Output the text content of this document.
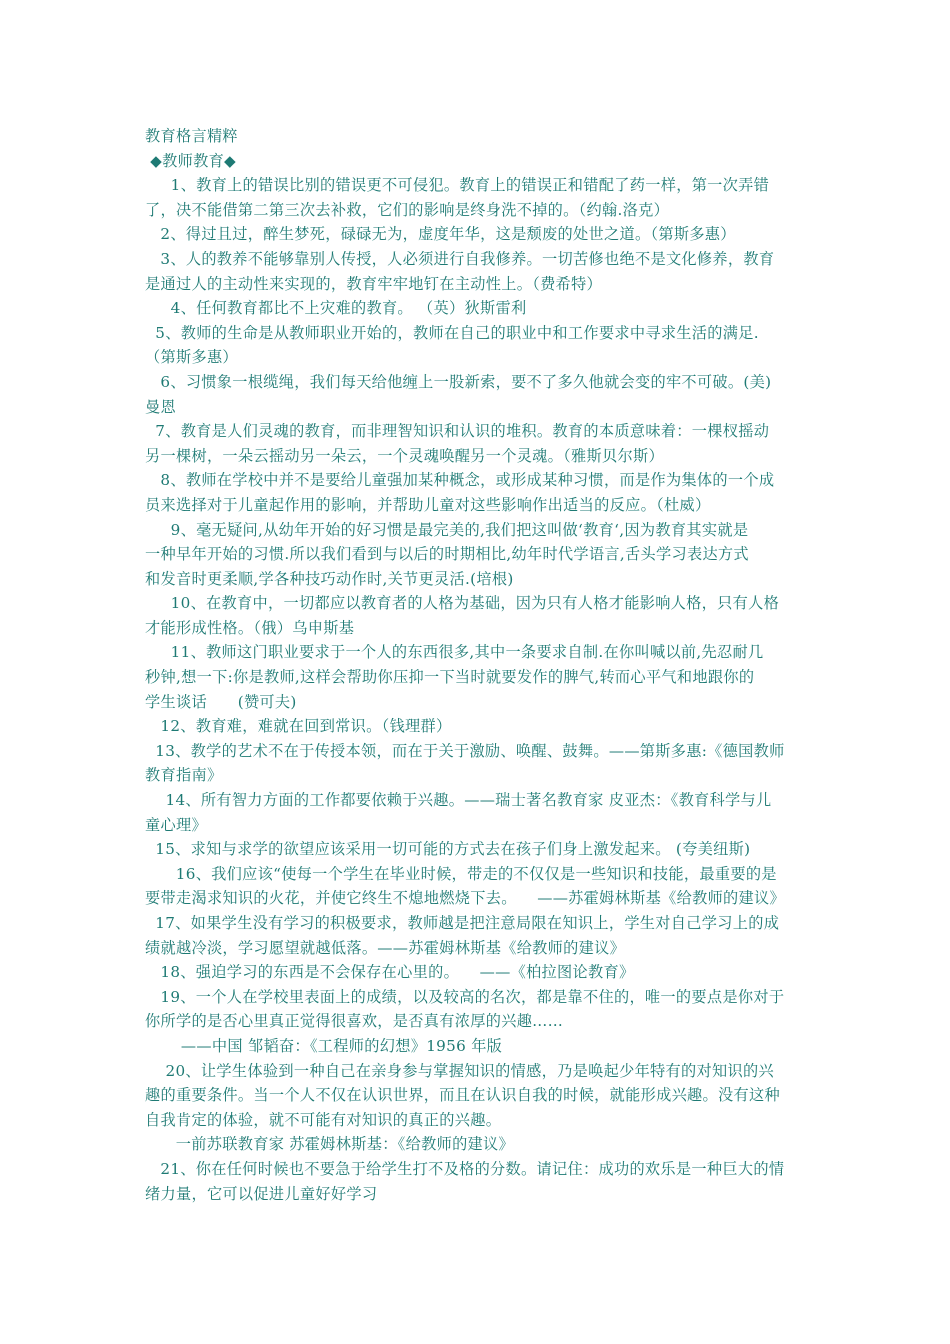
教育格言精粹
◆教师教育◆
1、教育上的错误比别的错误更不可侵犯。教育上的错误正和错配了药一样，第一次弄错
了，决不能借第二第三次去补救，它们的影响是终身洗不掉的。（约翰.洛克）
2、得过且过，醉生梦死，碌碌无为，虚度年华，这是颓废的处世之道。（第斯多惠）
3、人的教养不能够靠别人传授，人必须进行自我修养。一切苦修也绝不是文化修养，教育
是通过人的主动性来实现的，教育牢牢地钉在主动性上。（费希特）
4、任何教育都比不上灾难的教育。 （英）狄斯雷利
5、教师的生命是从教师职业开始的，教师在自己的职业中和工作要求中寻求生活的满足.
（第斯多惠）
6、习惯象一根缆绳，我们每天给他缠上一股新索，要不了多久他就会变的牢不可破。(美)
曼恩
7、教育是人们灵魂的教育，而非理智知识和认识的堆积。教育的本质意味着：一棵杈摇动
另一棵树，一朵云摇动另一朵云，一个灵魂唤醒另一个灵魂。（雅斯贝尔斯）
8、教师在学校中并不是要给儿童强加某种概念，或形成某种习惯，而是作为集体的一个成
员来选择对于儿童起作用的影响，并帮助儿童对这些影响作出适当的反应。（杜威）
9、毫无疑问,从幼年开始的好习惯是最完美的,我们把这叫做‘教育‘,因为教育其实就是
一种早年开始的习惯.所以我们看到与以后的时期相比,幼年时代学语言,舌头学习表达方式
和发音时更柔顺,学各种技巧动作时,关节更灵活.(培根)
10、在教育中，一切都应以教育者的人格为基础，因为只有人格才能影响人格，只有人格
才能形成性格。（俄）乌申斯基
11、教师这门职业要求于一个人的东西很多,其中一条要求自制.在你叫喊以前,先忍耐几
秒钟,想一下:你是教师,这样会帮助你压抑一下当时就要发作的脾气,转而心平气和地跟你的
学生谈话      (赞可夫)
12、教育难，难就在回到常识。（钱理群）
13、教学的艺术不在于传授本领，而在于关于激励、唤醒、鼓舞。——第斯多惠:《德国教师
教育指南》
14、所有智力方面的工作都要依赖于兴趣。——瑞士著名教育家 皮亚杰：《教育科学与儿
童心理》
15、求知与求学的欲望应该采用一切可能的方式去在孩子们身上激发起来。 (夸美纽斯)
16、我们应该“使每一个学生在毕业时候，带走的不仅仅是一些知识和技能，最重要的是
要带走渴求知识的火花，并使它终生不熄地燃烧下去。    ——苏霍姆林斯基《给教师的建议》
17、如果学生没有学习的积极要求，教师越是把注意局限在知识上，学生对自己学习上的成
绩就越冷淡，学习愿望就越低落。——苏霍姆林斯基《给教师的建议》
18、强迫学习的东西是不会保存在心里的。    ——《柏拉图论教育》
19、一个人在学校里表面上的成绩，以及较高的名次，都是靠不住的，唯一的要点是你对于
你所学的是否心里真正觉得很喜欢，是否真有浓厚的兴趣……
——中国 邹韬奋：《工程师的幻想》1956 年版
20、让学生体验到一种自己在亲身参与掌握知识的情感，乃是唤起少年特有的对知识的兴
趣的重要条件。当一个人不仅在认识世界，而且在认识自我的时候，就能形成兴趣。没有这种
自我肯定的体验，就不可能有对知识的真正的兴趣。
一前苏联教育家 苏霍姆林斯基：《给教师的建议》
21、你在任何时候也不要急于给学生打不及格的分数。请记住：成功的欢乐是一种巨大的情
绪力量，它可以促进儿童好好学习
